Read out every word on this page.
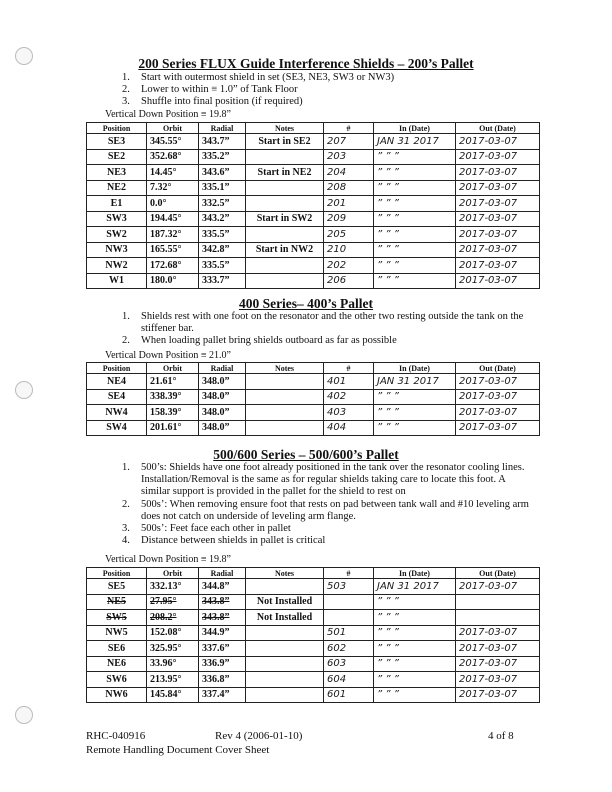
200 Series FLUX Guide Interference Shields – 200’s Pallet
1.	Start with outermost shield in set (SE3, NE3, SW3 or NW3)
2.	Lower to within ≡ 1.0” of Tank Floor
3.	Shuffle into final position (if required)
Vertical Down Position ≡ 19.8”
Position	Orbit	Radial	Notes	#	In (Date)	Out (Date)
SE3	345.55°	343.7”	Start in SE2	207	JAN 31 2017	2017-03-07
SE2	352.68°	335.2”		203	” ” ”	2017-03-07
NE3	14.45°	343.6”	Start in NE2	204	” ” ”	2017-03-07
NE2	7.32°	335.1”		208	” ” ”	2017-03-07
E1	0.0°	332.5”		201	” ” ”	2017-03-07
SW3	194.45°	343.2”	Start in SW2	209	” ” ”	2017-03-07
SW2	187.32°	335.5”		205	” ” ”	2017-03-07
NW3	165.55°	342.8”	Start in NW2	210	” ” ”	2017-03-07
NW2	172.68°	335.5”		202	” ” ”	2017-03-07
W1	180.0°	333.7”		206	” ” ”	2017-03-07
400 Series– 400’s Pallet
1.	Shields rest with one foot on the resonator and the other two resting outside the tank on the stiffener bar.
2.	When loading pallet bring shields outboard as far as possible
Vertical Down Position ≡ 21.0”
Position	Orbit	Radial	Notes	#	In (Date)	Out (Date)
NE4	21.61°	348.0”		401	JAN 31 2017	2017-03-07
SE4	338.39°	348.0”		402	” ” ”	2017-03-07
NW4	158.39°	348.0”		403	” ” ”	2017-03-07
SW4	201.61°	348.0”		404	” ” ”	2017-03-07
500/600 Series – 500/600’s Pallet
1.	500’s: Shields have one foot already positioned in the tank over the resonator cooling lines. Installation/Removal is the same as for regular shields taking care to locate this foot. A similar support is provided in the pallet for the shield to rest on
2.	500s’: When removing ensure foot that rests on pad between tank wall and #10 leveling arm does not catch on underside of leveling arm flange.
3.	500s’: Feet face each other in pallet
4.	Distance between shields in pallet is critical
Vertical Down Position ≡ 19.8”
Position	Orbit	Radial	Notes	#	In (Date)	Out (Date)
SE5	332.13°	344.8”		503	JAN 31 2017	2017-03-07
NE5	27.95°	343.8”	Not Installed		” ” ”	
SW5	208.2°	343.8”	Not Installed		” ” ”	
NW5	152.08°	344.9”		501	” ” ”	2017-03-07
SE6	325.95°	337.6”		602	” ” ”	2017-03-07
NE6	33.96°	336.9”		603	” ” ”	2017-03-07
SW6	213.95°	336.8”		604	” ” ”	2017-03-07
NW6	145.84°	337.4”		601	” ” ”	2017-03-07
RHC-040916	Rev 4 (2006-01-10)	4 of 8
Remote Handling Document Cover Sheet
